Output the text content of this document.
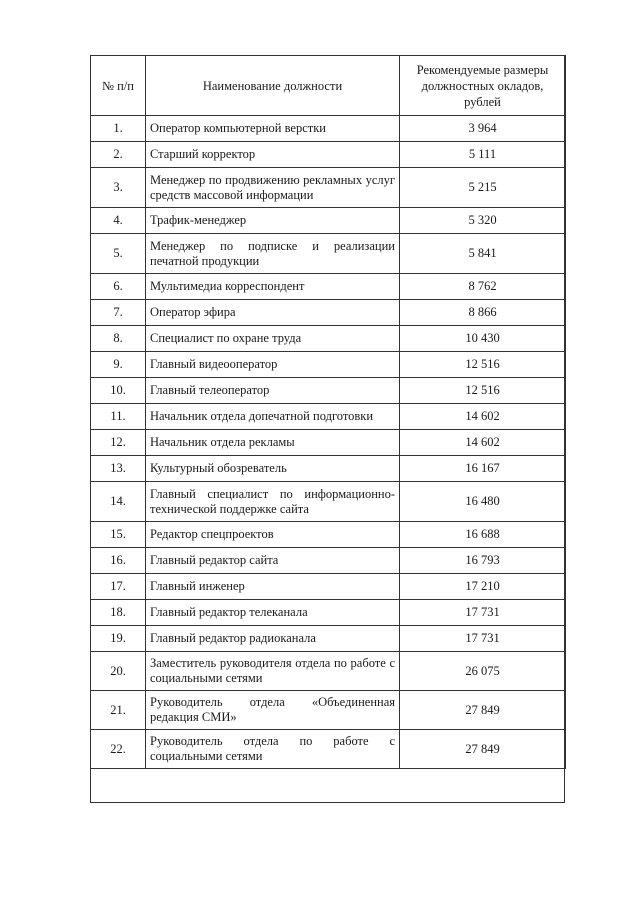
№ п/п	Наименование должности	Рекомендуемые размеры должностных окладов, рублей
1.	Оператор компьютерной верстки	3 964
2.	Старший корректор	5 111
3.	Менеджер по продвижению рекламных услуг средств массовой информации	5 215
4.	Трафик-менеджер	5 320
5.	Менеджер по подписке и реализации печатной продукции	5 841
6.	Мультимедиа корреспондент	8 762
7.	Оператор эфира	8 866
8.	Специалист по охране труда	10 430
9.	Главный видеооператор	12 516
10.	Главный телеоператор	12 516
11.	Начальник отдела допечатной подготовки	14 602
12.	Начальник отдела рекламы	14 602
13.	Культурный обозреватель	16 167
14.	Главный специалист по информационно-технической поддержке сайта	16 480
15.	Редактор спецпроектов	16 688
16.	Главный редактор сайта	16 793
17.	Главный инженер	17 210
18.	Главный редактор телеканала	17 731
19.	Главный редактор радиоканала	17 731
20.	Заместитель руководителя отдела по работе с социальными сетями	26 075
21.	Руководитель отдела «Объединенная редакция СМИ»	27 849
22.	Руководитель отдела по работе с социальными сетями	27 849
